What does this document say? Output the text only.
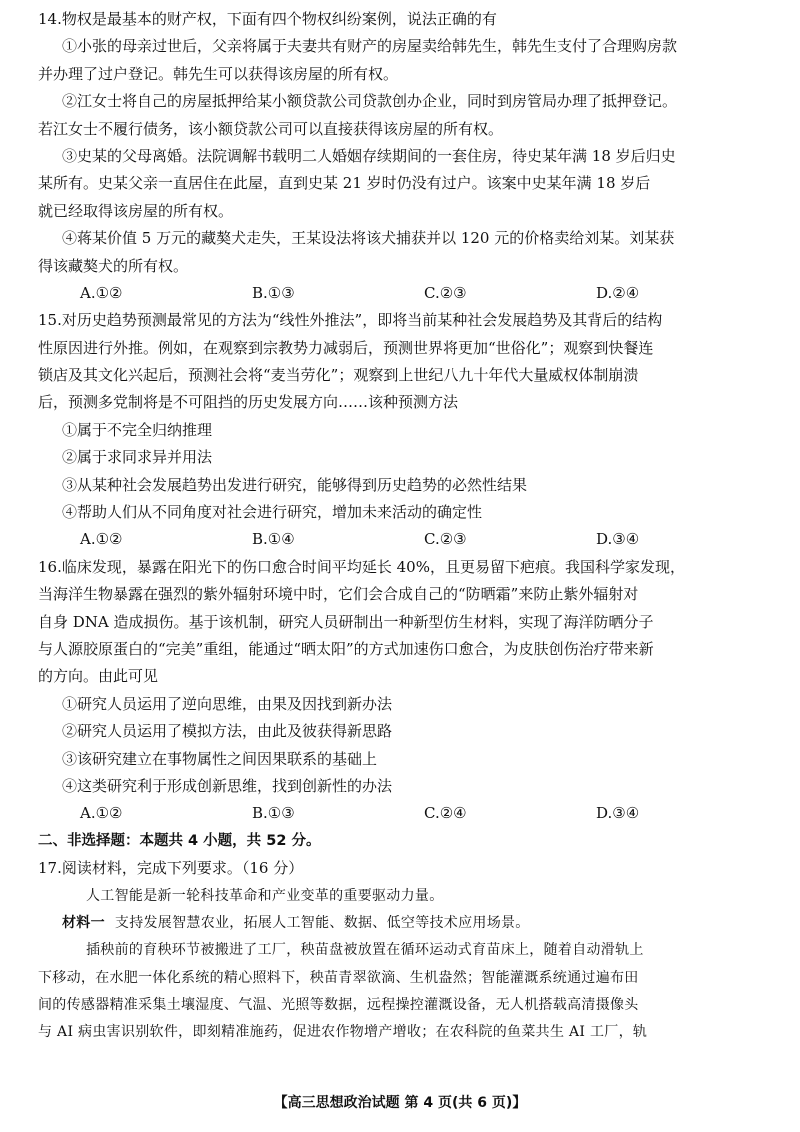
14.物权是最基本的财产权，下面有四个物权纠纷案例，说法正确的有
①小张的母亲过世后，父亲将属于夫妻共有财产的房屋卖给韩先生，韩先生支付了合理购房款
并办理了过户登记。韩先生可以获得该房屋的所有权。
②江女士将自己的房屋抵押给某小额贷款公司贷款创办企业，同时到房管局办理了抵押登记。
若江女士不履行债务，该小额贷款公司可以直接获得该房屋的所有权。
③史某的父母离婚。法院调解书载明二人婚姻存续期间的一套住房，待史某年满 18 岁后归史
某所有。史某父亲一直居住在此屋，直到史某 21 岁时仍没有过户。该案中史某年满 18 岁后
就已经取得该房屋的所有权。
④蒋某价值 5 万元的藏獒犬走失，王某设法将该犬捕获并以 120 元的价格卖给刘某。刘某获
得该藏獒犬的所有权。
A.①②	B.①③	C.②③	D.②④
15.对历史趋势预测最常见的方法为“线性外推法”，即将当前某种社会发展趋势及其背后的结构
性原因进行外推。例如，在观察到宗教势力减弱后，预测世界将更加“世俗化”；观察到快餐连
锁店及其文化兴起后，预测社会将“麦当劳化”；观察到上世纪八九十年代大量威权体制崩溃
后，预测多党制将是不可阻挡的历史发展方向……该种预测方法
①属于不完全归纳推理
②属于求同求异并用法
③从某种社会发展趋势出发进行研究，能够得到历史趋势的必然性结果
④帮助人们从不同角度对社会进行研究，增加未来活动的确定性
A.①②	B.①④	C.②③	D.③④
16.临床发现，暴露在阳光下的伤口愈合时间平均延长 40%，且更易留下疤痕。我国科学家发现，
当海洋生物暴露在强烈的紫外辐射环境中时，它们会合成自己的“防晒霜”来防止紫外辐射对
自身 DNA 造成损伤。基于该机制，研究人员研制出一种新型仿生材料，实现了海洋防晒分子
与人源胶原蛋白的“完美”重组，能通过“晒太阳”的方式加速伤口愈合，为皮肤创伤治疗带来新
的方向。由此可见
①研究人员运用了逆向思维，由果及因找到新办法
②研究人员运用了模拟方法，由此及彼获得新思路
③该研究建立在事物属性之间因果联系的基础上
④这类研究利于形成创新思维，找到创新性的办法
A.①②	B.①③	C.②④	D.③④
二、非选择题：本题共 4 小题，共 52 分。
17.阅读材料，完成下列要求。（16 分）
人工智能是新一轮科技革命和产业变革的重要驱动力量。
材料一 支持发展智慧农业，拓展人工智能、数据、低空等技术应用场景。
插秧前的育秧环节被搬进了工厂，秧苗盘被放置在循环运动式育苗床上，随着自动滑轨上
下移动，在水肥一体化系统的精心照料下，秧苗青翠欲滴、生机盎然；智能灌溉系统通过遍布田
间的传感器精准采集土壤湿度、气温、光照等数据，远程操控灌溉设备，无人机搭载高清摄像头
与 AI 病虫害识别软件，即刻精准施药，促进农作物增产增收；在农科院的鱼菜共生 AI 工厂，轨
【高三思想政治试题 第 4 页(共 6 页)】
